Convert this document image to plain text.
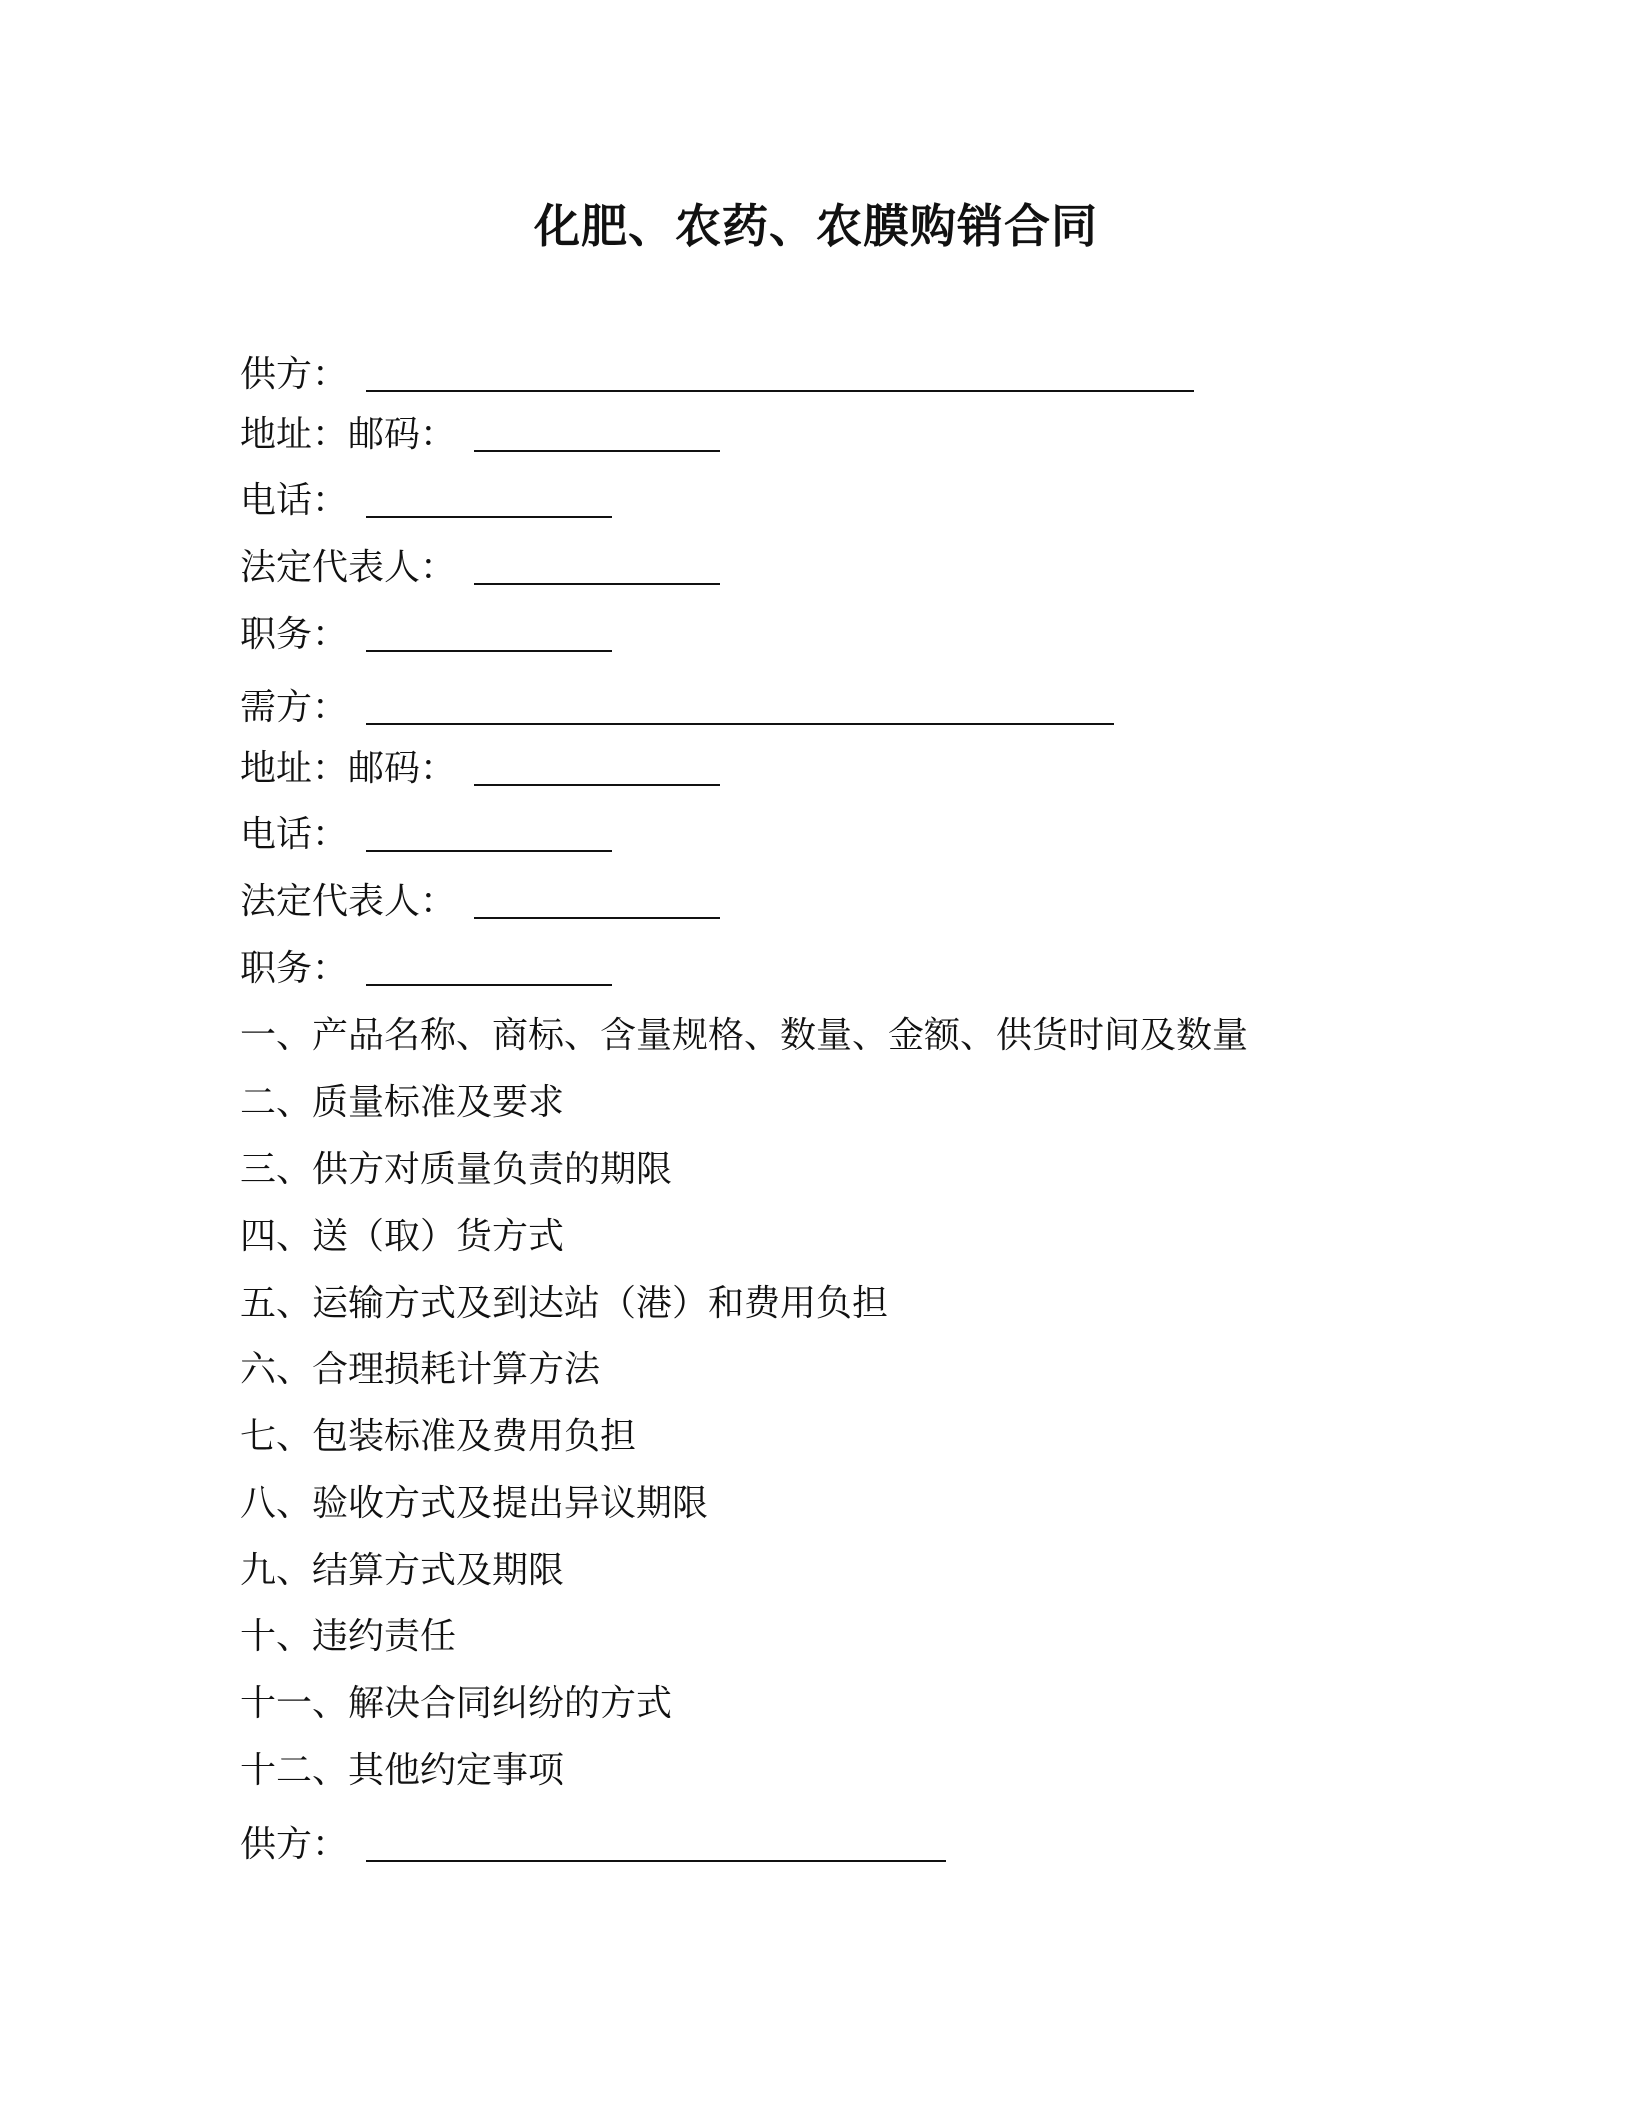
化肥、农药、农膜购销合同
供方：
地址：邮码：
电话：
法定代表人：
职务：
需方：
地址：邮码：
电话：
法定代表人：
职务：
一、产品名称、商标、含量规格、数量、金额、供货时间及数量
二、质量标准及要求
三、供方对质量负责的期限
四、送（取）货方式
五、运输方式及到达站（港）和费用负担
六、合理损耗计算方法
七、包装标准及费用负担
八、验收方式及提出异议期限
九、结算方式及期限
十、违约责任
十一、解决合同纠纷的方式
十二、其他约定事项
供方：
